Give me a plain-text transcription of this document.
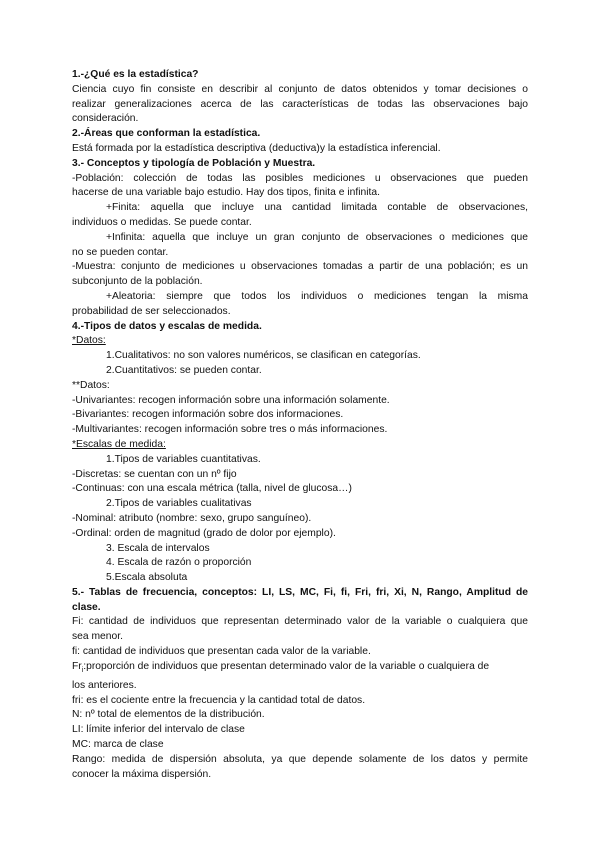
1.-¿Qué es la estadística?
Ciencia cuyo fin consiste en describir al conjunto de datos obtenidos y tomar decisiones o
realizar generalizaciones acerca de las características de todas las observaciones bajo
consideración.
2.-Áreas que conforman la estadística.
Está formada por la estadística descriptiva (deductiva)y la estadística inferencial.
3.- Conceptos y tipología de Población y Muestra.
-Población: colección de todas las posibles mediciones u observaciones que pueden
hacerse de una variable bajo estudio. Hay dos tipos, finita e infinita.
+Finita: aquella que incluye una cantidad limitada contable de observaciones,
individuos o medidas. Se puede contar.
+Infinita: aquella que incluye un gran conjunto de observaciones o mediciones que
no se pueden contar.
-Muestra: conjunto de mediciones u observaciones tomadas a partir de una población; es un
subconjunto de la población.
+Aleatoria: siempre que todos los individuos o mediciones tengan la misma
probabilidad de ser seleccionados.
4.-Tipos de datos y escalas de medida.
*Datos:
1.Cualitativos: no son valores numéricos, se clasifican en categorías.
2.Cuantitativos: se pueden contar.
**Datos:
-Univariantes: recogen información sobre una información solamente.
-Bivariantes: recogen información sobre dos informaciones.
-Multivariantes: recogen información sobre tres o más informaciones.
*Escalas de medida:
1.Tipos de variables cuantitativas.
-Discretas: se cuentan con un nº fijo
-Continuas: con una escala métrica (talla, nivel de glucosa…)
2.Tipos de variables cualitativas
-Nominal: atributo (nombre: sexo, grupo sanguíneo).
-Ordinal: orden de magnitud (grado de dolor por ejemplo).
3. Escala de intervalos
4. Escala de razón o proporción
5.Escala absoluta
5.- Tablas de frecuencia, conceptos: LI, LS, MC, Fi, fi, Fri, fri, Xi, N, Rango, Amplitud de
clase.
Fi: cantidad de individuos que representan determinado valor de la variable o cualquiera que
sea menor.
fi: cantidad de individuos que presentan cada valor de la variable.
$Fr_i:proporción$ de individuos que presentan determinado valor de la variable o cualquiera de
los anteriores.
fri: es el cociente entre la frecuencia y la cantidad total de datos.
N: nº total de elementos de la distribución.
LI: límite inferior del intervalo de clase
MC: marca de clase
Rango: medida de dispersión absoluta, ya que depende solamente de los datos y permite
conocer la máxima dispersión.
